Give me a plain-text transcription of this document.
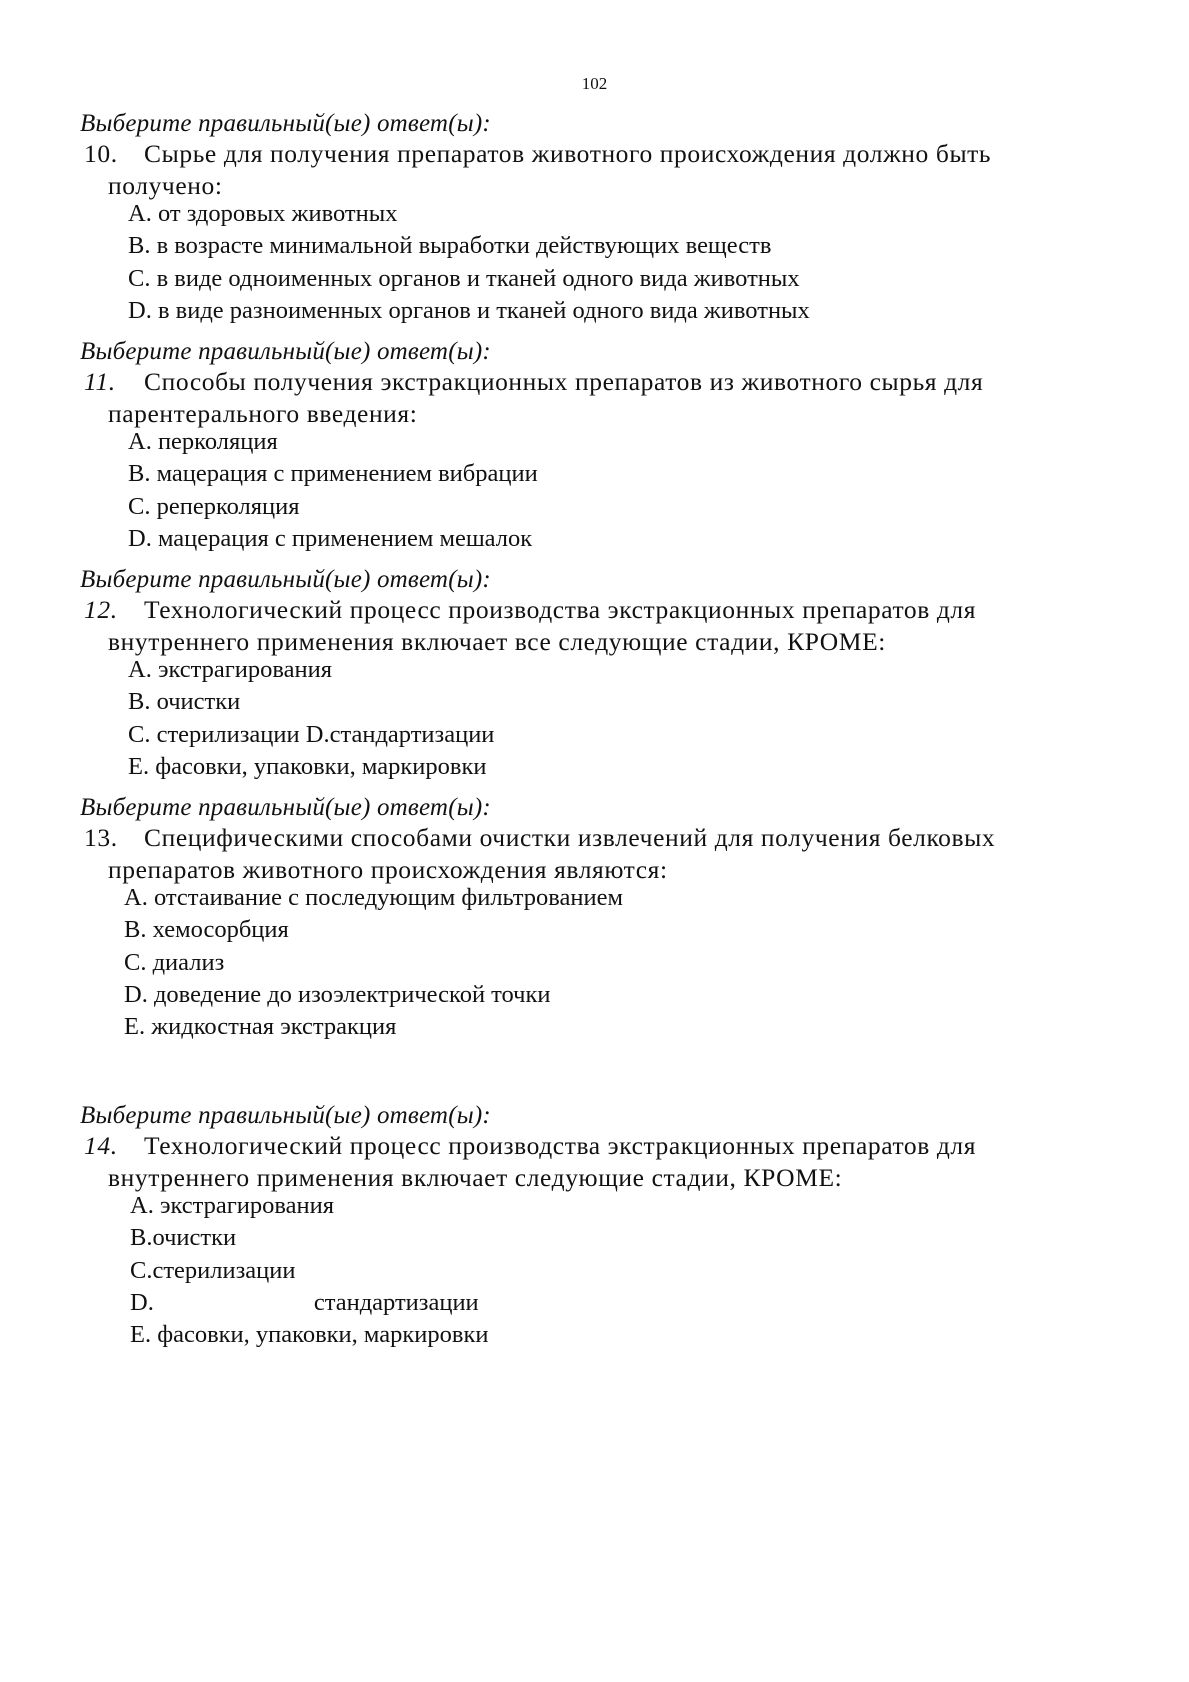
102
Выберите правильный(ые) ответ(ы):
10.	Сырье для получения препаратов животного происхождения должно быть получено:
A. от здоровых животных
B. в возрасте минимальной выработки действующих веществ
C. в виде одноименных органов и тканей одного вида животных
D. в виде разноименных органов и тканей одного вида животных
Выберите правильный(ые) ответ(ы):
11.	Способы получения экстракционных препаратов из животного сырья для парентерального введения:
А. перколяция
B. мацерация с применением вибрации
C. реперколяция
D. мацерация с применением мешалок
Выберите правильный(ые) ответ(ы):
12.	Технологический процесс производства экстракционных препаратов для внутреннего применения включает все следующие стадии, КРОМЕ:
A. экстрагирования
B. очистки
C. стерилизации D.стандартизации
E. фасовки, упаковки, маркировки
Выберите правильный(ые) ответ(ы):
13.	Специфическими способами очистки извлечений для получения белковых препаратов животного происхождения являются:
A. отстаивание с последующим фильтрованием
B. хемосорбция
C. диализ
D. доведение до изоэлектрической точки
E. жидкостная экстракция
Выберите правильный(ые) ответ(ы):
14.	Технологический процесс производства экстракционных препаратов для внутреннего применения включает следующие стадии, КРОМЕ:
A. экстрагирования
B.очистки
C.стерилизации
D.	стандартизации
E. фасовки, упаковки, маркировки
